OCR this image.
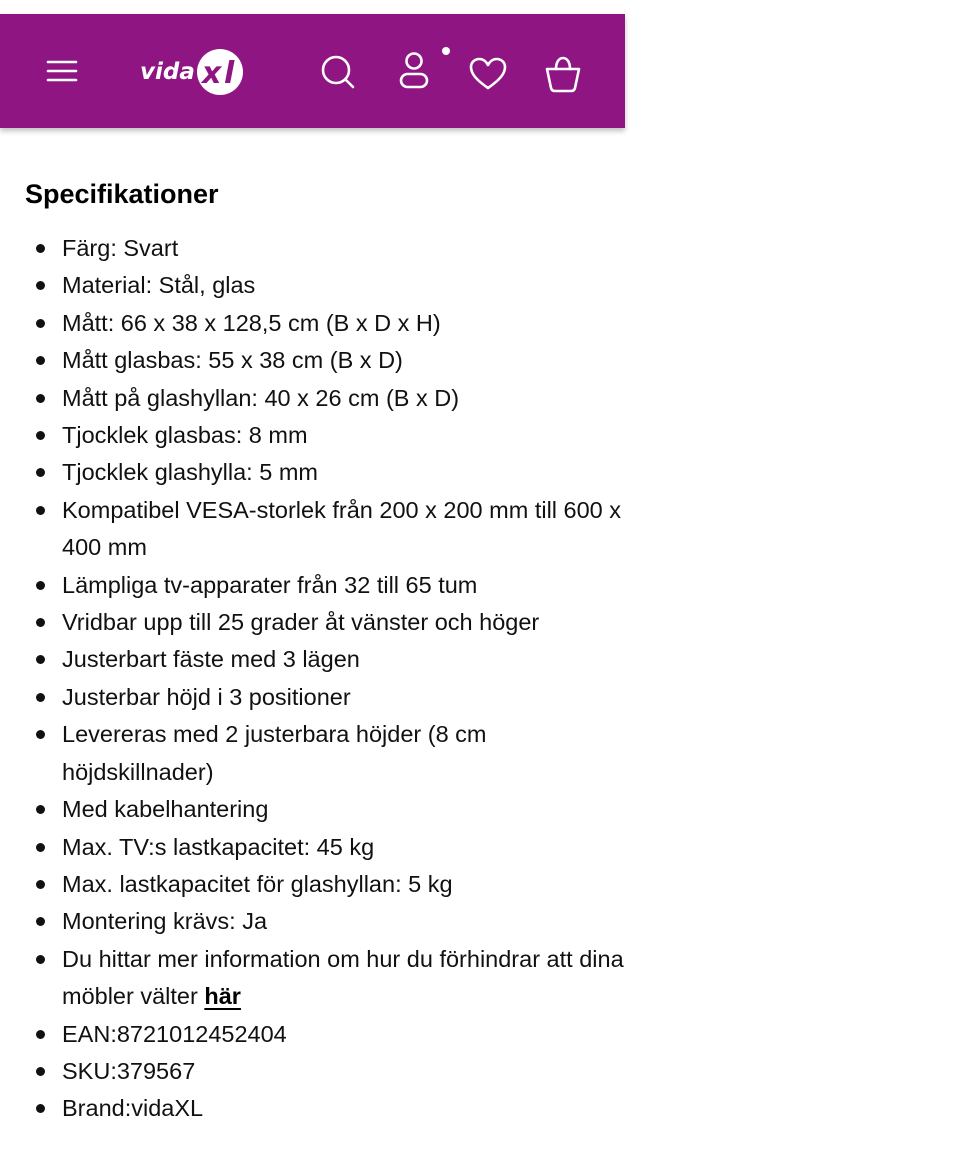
vida x l
Specifikationer
Färg: Svart
Material: Stål, glas
Mått: 66 x 38 x 128,5 cm (B x D x H)
Mått glasbas: 55 x 38 cm (B x D)
Mått på glashyllan: 40 x 26 cm (B x D)
Tjocklek glasbas: 8 mm
Tjocklek glashylla: 5 mm
Kompatibel VESA-storlek från 200 x 200 mm till 600 x 400 mm
Lämpliga tv-apparater från 32 till 65 tum
Vridbar upp till 25 grader åt vänster och höger
Justerbart fäste med 3 lägen
Justerbar höjd i 3 positioner
Levereras med 2 justerbara höjder (8 cm höjdskillnader)
Med kabelhantering
Max. TV:s lastkapacitet: 45 kg
Max. lastkapacitet för glashyllan: 5 kg
Montering krävs: Ja
Du hittar mer information om hur du förhindrar att dina möbler välter här
EAN:8721012452404
SKU:379567
Brand:vidaXL
